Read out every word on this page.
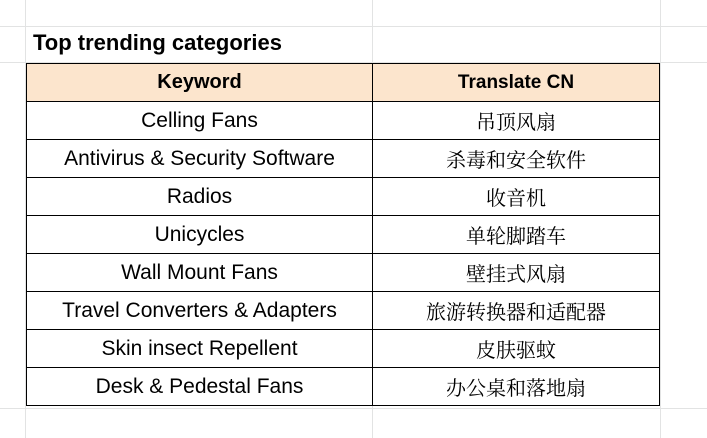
Top trending categories
Keyword	Translate CN
Celling Fans	吊顶风扇
Antivirus & Security Software	杀毒和安全软件
Radios	收音机
Unicycles	单轮脚踏车
Wall Mount Fans	壁挂式风扇
Travel Converters & Adapters	旅游转换器和适配器
Skin insect Repellent	皮肤驱蚊
Desk & Pedestal Fans	办公桌和落地扇
